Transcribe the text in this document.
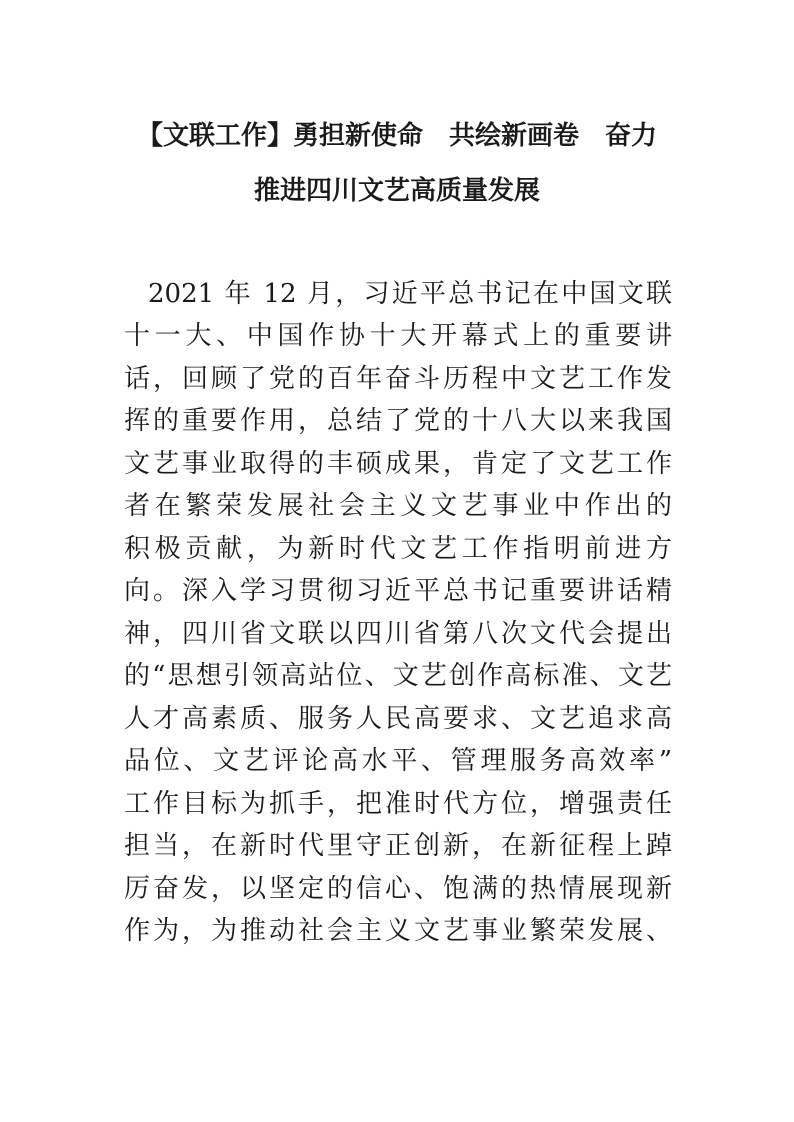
【文联工作】勇担新使命　共绘新画卷　奋力
推进四川文艺高质量发展
2021 年 12 月，习近平总书记在中国文联
十一大、中国作协十大开幕式上的重要讲
话，回顾了党的百年奋斗历程中文艺工作发
挥的重要作用，总结了党的十八大以来我国
文艺事业取得的丰硕成果，肯定了文艺工作
者在繁荣发展社会主义文艺事业中作出的
积极贡献，为新时代文艺工作指明前进方
向。深入学习贯彻习近平总书记重要讲话精
神，四川省文联以四川省第八次文代会提出
的“思想引领高站位、文艺创作高标准、文艺
人才高素质、服务人民高要求、文艺追求高
品位、文艺评论高水平、管理服务高效率”
工作目标为抓手，把准时代方位，增强责任
担当，在新时代里守正创新，在新征程上踔
厉奋发，以坚定的信心、饱满的热情展现新
作为，为推动社会主义文艺事业繁荣发展、
